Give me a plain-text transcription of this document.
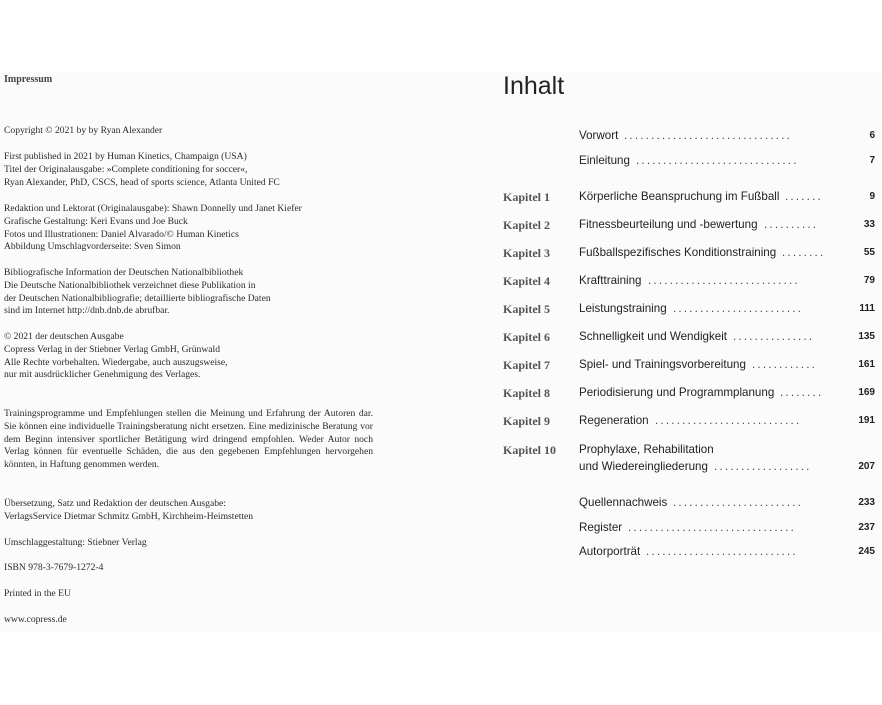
Impressum
Copyright © 2021 by by Ryan Alexander
First published in 2021 by Human Kinetics, Champaign (USA)
Titel der Originalausgabe: »Complete conditioning for soccer«,
Ryan Alexander, PhD, CSCS, head of sports science, Atlanta United FC
Redaktion und Lektorat (Originalausgabe): Shawn Donnelly und Janet Kiefer
Grafische Gestaltung: Keri Evans und Joe Buck
Fotos und Illustrationen: Daniel Alvarado/© Human Kinetics
Abbildung Umschlagvorderseite: Sven Simon
Bibliografische Information der Deutschen Nationalbibliothek
Die Deutsche Nationalbibliothek verzeichnet diese Publikation in
der Deutschen Nationalbibliografie; detaillierte bibliografische Daten
sind im Internet http://dnb.dnb.de abrufbar.
© 2021 der deutschen Ausgabe
Copress Verlag in der Stiebner Verlag GmbH, Grünwald
Alle Rechte vorbehalten. Wiedergabe, auch auszugsweise,
nur mit ausdrücklicher Genehmigung des Verlages.
Trainingsprogramme und Empfehlungen stellen die Meinung und Erfahrung der Autoren dar. Sie können eine individuelle Trainingsberatung nicht ersetzen. Eine medizinische Beratung vor dem Beginn intensiver sportlicher Betätigung wird dringend empfohlen. Weder Autor noch Verlag können für eventuelle Schäden, die aus den gegebenen Empfehlungen hervorgehen könnten, in Haftung genommen werden.
Übersetzung, Satz und Redaktion der deutschen Ausgabe:
VerlagsService Dietmar Schmitz GmbH, Kirchheim-Heimstetten
Umschlaggestaltung: Stiebner Verlag
ISBN 978-3-7679-1272-4
Printed in the EU
www.copress.de
Inhalt
Vorwort	6
...............................
Einleitung	7
..............................
Kapitel 1	Körperliche Beanspruchung im Fußball	9
.......
Kapitel 2	Fitnessbeurteilung und -bewertung	33
..........
Kapitel 3	Fußballspezifisches Konditionstraining	55
........
Kapitel 4	Krafttraining	79
............................
Kapitel 5	Leistungstraining	111
........................
Kapitel 6	Schnelligkeit und Wendigkeit	135
...............
Kapitel 7	Spiel- und Trainingsvorbereitung	161
............
Kapitel 8	Periodisierung und Programmplanung	169
........
Kapitel 9	Regeneration	191
...........................
Kapitel 10 Prophylaxe, Rehabilitation
und Wiedereingliederung	207
..................
Quellennachweis	233
........................
Register	237
...............................
Autorporträt	245
............................
